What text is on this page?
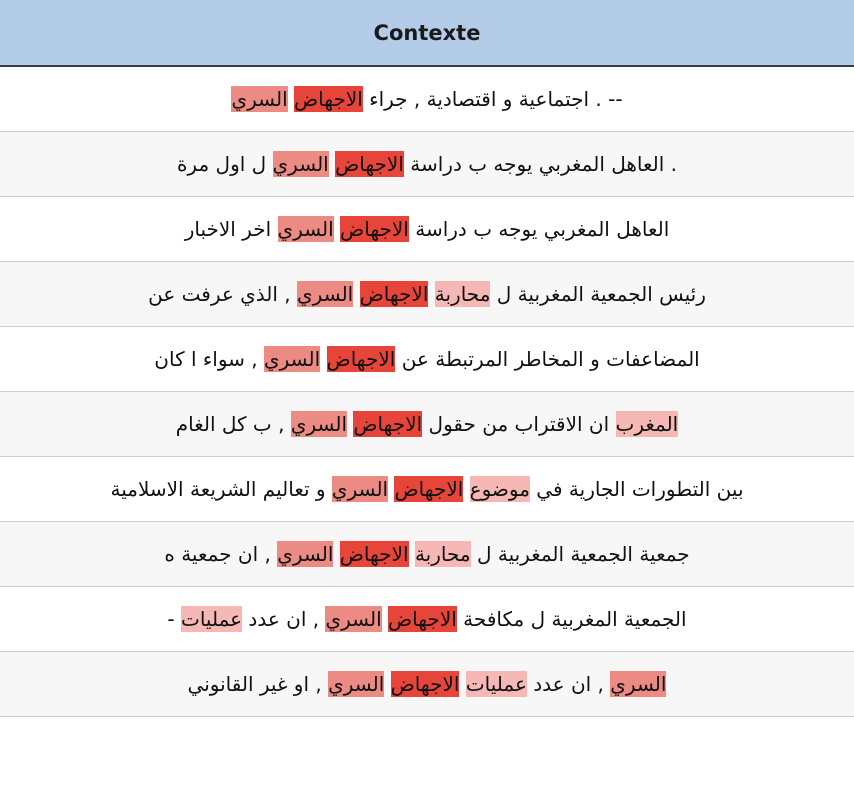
Contexte
-- . اجتماعية و اقتصادية , جراء الاجهاض السري
. العاهل المغربي يوجه ب دراسة الاجهاض السري ل اول مرة
العاهل المغربي يوجه ب دراسة الاجهاض السري اخر الاخبار
رئيس الجمعية المغربية ل محاربة الاجهاض السري , الذي عرفت عن
المضاعفات و المخاطر المرتبطة عن الاجهاض السري , سواء ا كان
المغرب ان الاقتراب من حقول الاجهاض السري , ب كل الغام
بين التطورات الجارية في موضوع الاجهاض السري و تعاليم الشريعة الاسلامية
جمعية الجمعية المغربية ل محاربة الاجهاض السري , ان جمعية ه
الجمعية المغربية ل مكافحة الاجهاض السري , ان عدد عمليات -
السري , ان عدد عمليات الاجهاض السري , او غير القانوني
